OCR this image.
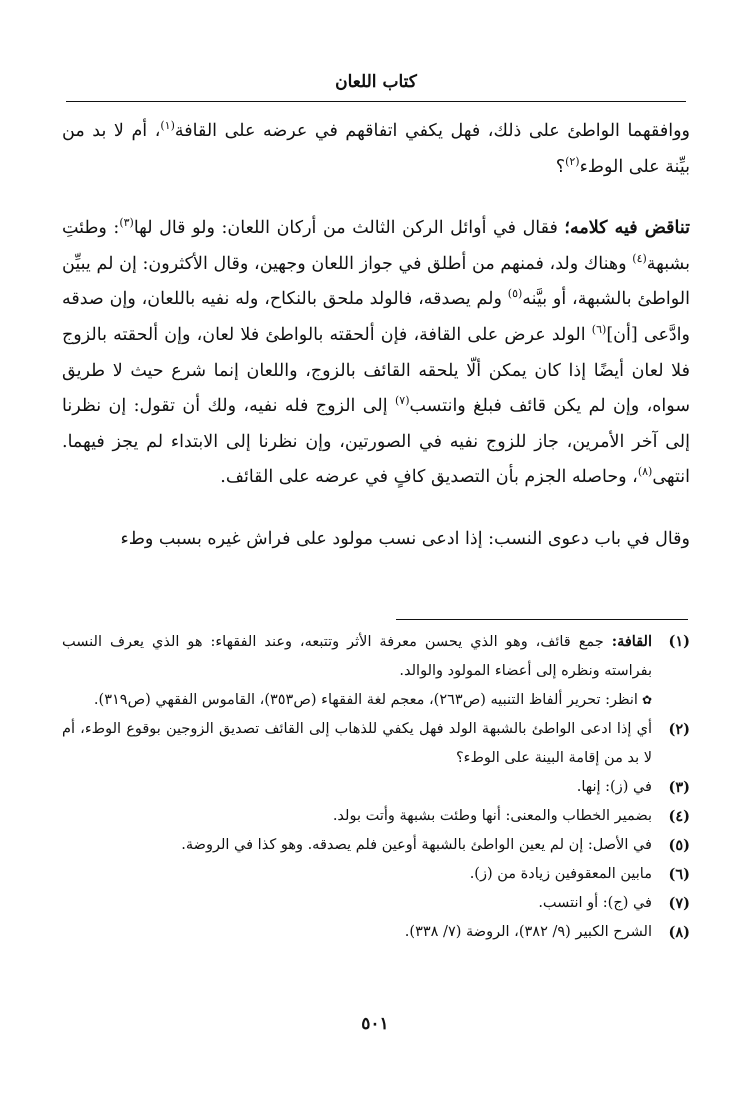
كتاب اللعان

ووافقهما الواطئ على ذلك، فهل يكفي اتفاقهم في عرضه على القافة$^{(١)}$، أم لا بد من بيِّنة على الوطء$^{(٢)}$؟

تناقض فيه كلامه؛ فقال في أوائل الركن الثالث من أركان اللعان: ولو قال لها$^{(٣)}$: وطئتِ بشبهة$^{(٤)}$ وهناك ولد، فمنهم من أطلق في جواز اللعان وجهين، وقال الأكثرون: إن لم يبيِّن الواطئ بالشبهة، أو بيَّنه$^{(٥)}$ ولم يصدقه، فالولد ملحق بالنكاح، وله نفيه باللعان، وإن صدقه وادَّعى [أن]$^{(٦)}$ الولد عرض على القافة، فإن ألحقته بالواطئ فلا لعان، وإن ألحقته بالزوج فلا لعان أيضًا إذا كان يمكن ألّا يلحقه القائف بالزوج، واللعان إنما شرع حيث لا طريق سواه، وإن لم يكن قائف فبلغ وانتسب$^{(٧)}$ إلى الزوج فله نفيه، ولك أن تقول: إن نظرنا إلى آخر الأمرين، جاز للزوج نفيه في الصورتين، وإن نظرنا إلى الابتداء لم يجز فيهما. انتهى$^{(٨)}$، وحاصله الجزم بأن التصديق كافٍ في عرضه على القائف.

وقال في باب دعوى النسب: إذا ادعى نسب مولود على فراش غيره بسبب وطء

(١)
القافة: جمع قائف، وهو الذي يحسن معرفة الأثر وتتبعه، وعند الفقهاء: هو الذي يعرف النسب بفراسته ونظره إلى أعضاء المولود والوالد.
✿انظر: تحرير ألفاظ التنبيه (ص٢٦٣)، معجم لغة الفقهاء (ص٣٥٣)، القاموس الفقهي (ص٣١٩).
(٢)
أي إذا ادعى الواطئ بالشبهة الولد فهل يكفي للذهاب إلى القائف تصديق الزوجين بوقوع الوطء، أم لا بد من إقامة البينة على الوطء؟
(٣)
في (ز): إنها.
(٤)
بضمير الخطاب والمعنى: أنها وطئت بشبهة وأتت بولد.
(٥)
في الأصل: إن لم يعين الواطئ بالشبهة أوعين فلم يصدقه. وهو كذا في الروضة.
(٦)
مابين المعقوفين زيادة من (ز).
(٧)
في (ج): أو انتسب.
(٨)
الشرح الكبير (٩/ ٣٨٢)، الروضة (٧/ ٣٣٨).
٥٠١
